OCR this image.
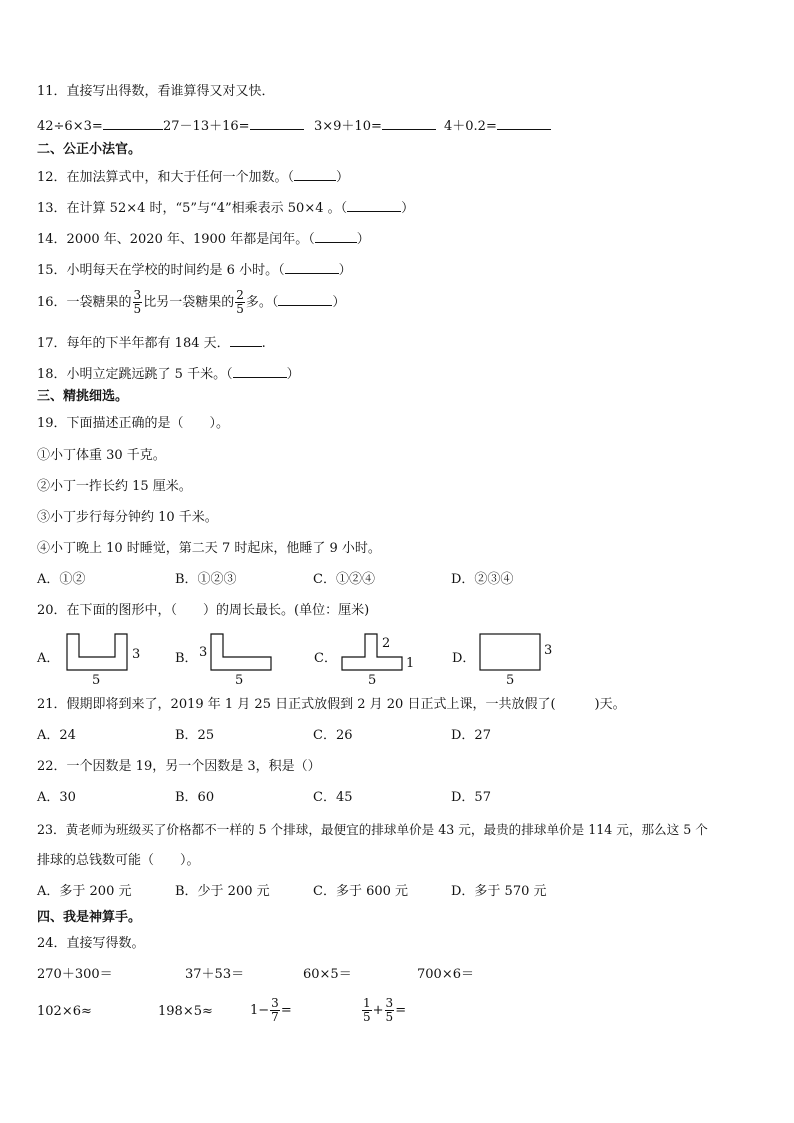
11．直接写出得数，看谁算得又对又快．
42÷6×3=	27－13＋16=	3×9＋10=	4＋0.2=
二、公正小法官。
12．在加法算式中，和大于任何一个加数。（	）
13．在计算 52×4 时，“5”与“4”相乘表示 50×4 。（	）
14．2000 年、2020 年、1900 年都是闰年。（	）
15．小明每天在学校的时间约是 6 小时。（	）
16．一袋糖果的 $\frac{3}{5}$ 比另一袋糖果的 $\frac{2}{5}$ 多。（	）
17．每年的下半年都有 184 天． .
18．小明立定跳远跳了 5 千米。（	）
三、精挑细选。
19．下面描述正确的是（　　）。
①小丁体重 30 千克。
②小丁一拃长约 15 厘米。
③小丁步行每分钟约 10 千米。
④小丁晚上 10 时睡觉，第二天 7 时起床，他睡了 9 小时。
A．①②	B．①②③	C．①②④	D．②③④
20．在下面的图形中，（　　）的周长最长。(单位：厘米)
A．	3
5
B． 3
5
C．
2
1
5
D．
3
5
21．假期即将到来了，2019 年 1 月 25 日正式放假到 2 月 20 日正式上课，一共放假了(　　　)天。
A．24	B．25	C．26	D．27
22．一个因数是 19，另一个因数是 3，积是（）
A．30	B．60	C．45	D．57
23．黄老师为班级买了价格都不一样的 5 个排球，最便宜的排球单价是 43 元，最贵的排球单价是 114 元，那么这 5 个
排球的总钱数可能（　　）。
A．多于 200 元	B．少于 200 元	C．多于 600 元	D．多于 570 元
四、我是神算手。
24．直接写得数。
270＋300＝	37＋53＝	60×5＝	700×6＝
102×6≈	198×5≈	$1- \frac{3}{7}$ =	$\frac{1}{5} + \frac{3}{5}$ =
